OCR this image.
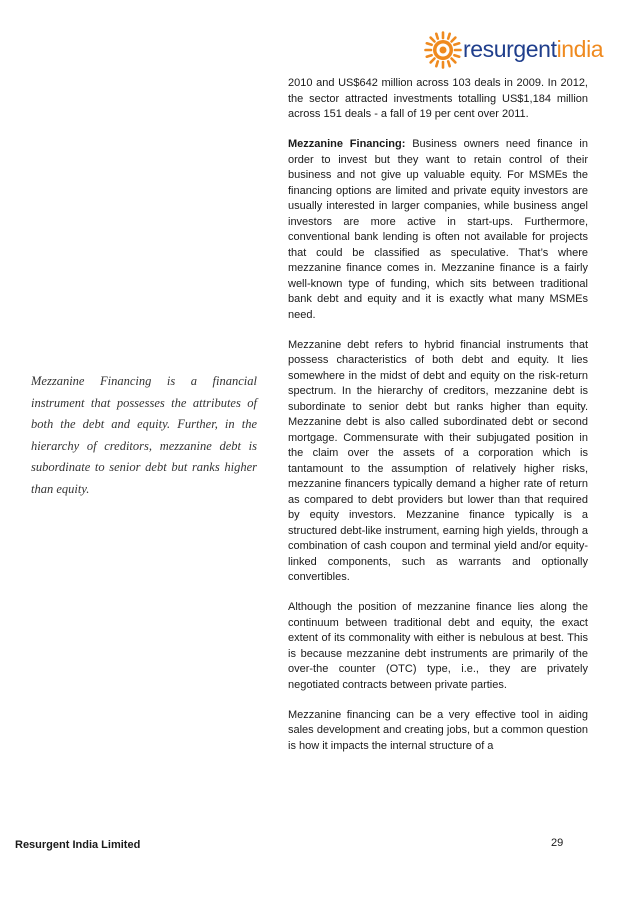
resurgentindia

2010 and US$642 million across 103 deals in 2009. In 2012, the sector attracted investments totalling US$1,184 million across 151 deals - a fall of 19 per cent over 2011.

Mezzanine Financing: Business owners need finance in order to invest but they want to retain control of their business and not give up valuable equity. For MSMEs the financing options are limited and private equity investors are usually interested in larger companies, while business angel investors are more active in start-ups. Furthermore, conventional bank lending is often not available for projects that could be classified as speculative. That’s where mezzanine finance comes in. Mezzanine finance is a fairly well-known type of funding, which sits between traditional bank debt and equity and it is exactly what many MSMEs need.

Mezzanine debt refers to hybrid financial instruments that possess characteristics of both debt and equity. It lies somewhere in the midst of debt and equity on the risk-return spectrum. In the hierarchy of creditors, mezzanine debt is subordinate to senior debt but ranks higher than equity. Mezzanine debt is also called subordinated debt or second mortgage. Commensurate with their subjugated position in the claim over the assets of a corporation which is tantamount to the assumption of relatively higher risks, mezzanine financers typically demand a higher rate of return as compared to debt providers but lower than that required by equity investors. Mezzanine finance typically is a structured debt-like instrument, earning high yields, through a combination of cash coupon and terminal yield and/or equity-linked components, such as warrants and optionally convertibles.

Although the position of mezzanine finance lies along the continuum between traditional debt and equity, the exact extent of its commonality with either is nebulous at best. This is because mezzanine debt instruments are primarily of the over-the counter (OTC) type, i.e., they are privately negotiated contracts between private parties.

Mezzanine financing can be a very effective tool in aiding sales development and creating jobs, but a common question is how it impacts the internal structure of a

Mezzanine Financing is a financial instrument that possesses the attributes of both the debt and equity. Further, in the hierarchy of creditors, mezzanine debt is subordinate to senior debt but ranks higher than equity.
Resurgent India Limited	29
